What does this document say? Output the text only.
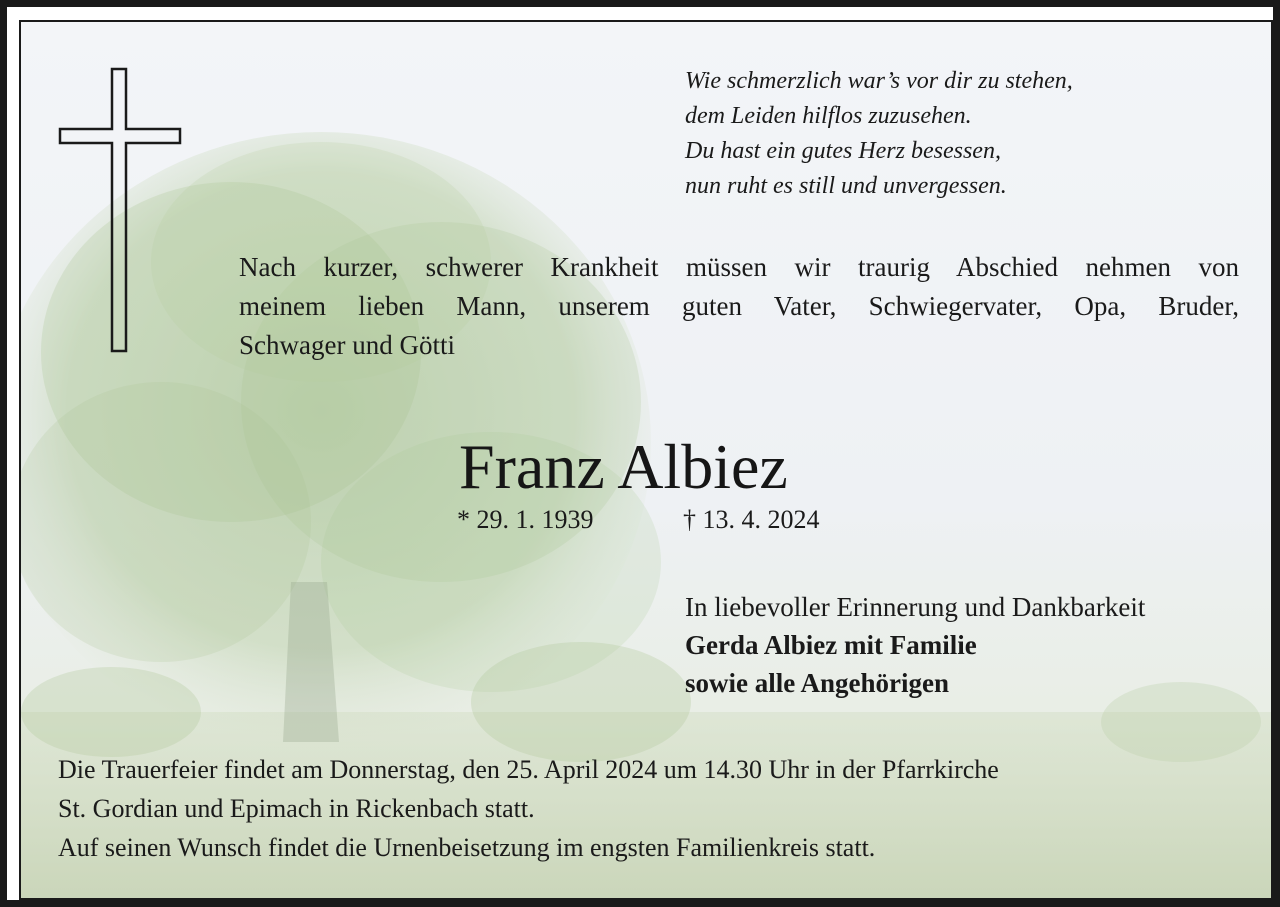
Wie schmerzlich war’s vor dir zu stehen,
dem Leiden hilflos zuzusehen.
Du hast ein gutes Herz besessen,
nun ruht es still und unvergessen.
Nach kurzer, schwerer Krankheit müssen wir traurig Abschied nehmen von
meinem lieben Mann, unserem guten Vater, Schwiegervater, Opa, Bruder,
Schwager und Götti
Franz Albiez
* 29. 1. 1939	† 13. 4. 2024
In liebevoller Erinnerung und Dankbarkeit
Gerda Albiez mit Familie
sowie alle Angehörigen
Die Trauerfeier findet am Donnerstag, den 25. April 2024 um 14.30 Uhr in der Pfarrkirche
St. Gordian und Epimach in Rickenbach statt.
Auf seinen Wunsch findet die Urnenbeisetzung im engsten Familienkreis statt.
